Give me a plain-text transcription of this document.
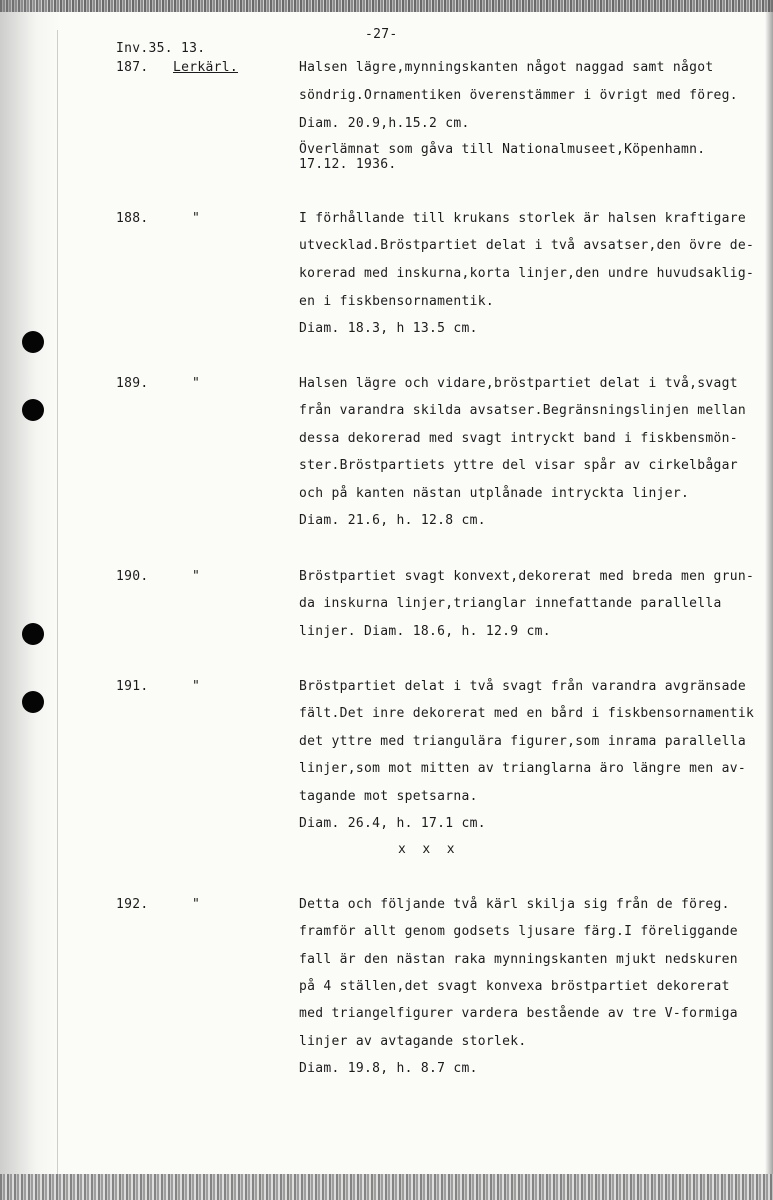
-27-
Inv.35. 13.
187. Lerkärl.	Halsen lägre,mynningskanten något naggad samt något
söndrig.Ornamentiken överenstämmer i övrigt med föreg.
Diam. 20.9,h.15.2 cm.
Överlämnat som gåva till Nationalmuseet,Köpenhamn.
17.12. 1936.
188.	"	I förhållande till krukans storlek är halsen kraftigare
utvecklad.Bröstpartiet delat i två avsatser,den övre de-
korerad med inskurna,korta linjer,den undre huvudsaklig-
en i fiskbensornamentik.
Diam. 18.3, h 13.5 cm.
189.	"	Halsen lägre och vidare,bröstpartiet delat i två,svagt
från varandra skilda avsatser.Begränsningslinjen mellan
dessa dekorerad med svagt intryckt band i fiskbensmön-
ster.Bröstpartiets yttre del visar spår av cirkelbågar
och på kanten nästan utplånade intryckta linjer.
Diam. 21.6, h. 12.8 cm.
190.	"	Bröstpartiet svagt konvext,dekorerat med breda men grun-
da inskurna linjer,trianglar innefattande parallella
linjer. Diam. 18.6, h. 12.9 cm.
191.	"	Bröstpartiet delat i två svagt från varandra avgränsade
fält.Det inre dekorerat med en bård i fiskbensornamentik
det yttre med triangulära figurer,som inrama parallella
linjer,som mot mitten av trianglarna äro längre men av-
tagande mot spetsarna.
Diam. 26.4, h. 17.1 cm.
x  x  x
192.	"	Detta och följande två kärl skilja sig från de föreg.
framför allt genom godsets ljusare färg.I föreliggande
fall är den nästan raka mynningskanten mjukt nedskuren
på 4 ställen,det svagt konvexa bröstpartiet dekorerat
med triangelfigurer vardera bestående av tre V-formiga
linjer av avtagande storlek.
Diam. 19.8, h. 8.7 cm.
